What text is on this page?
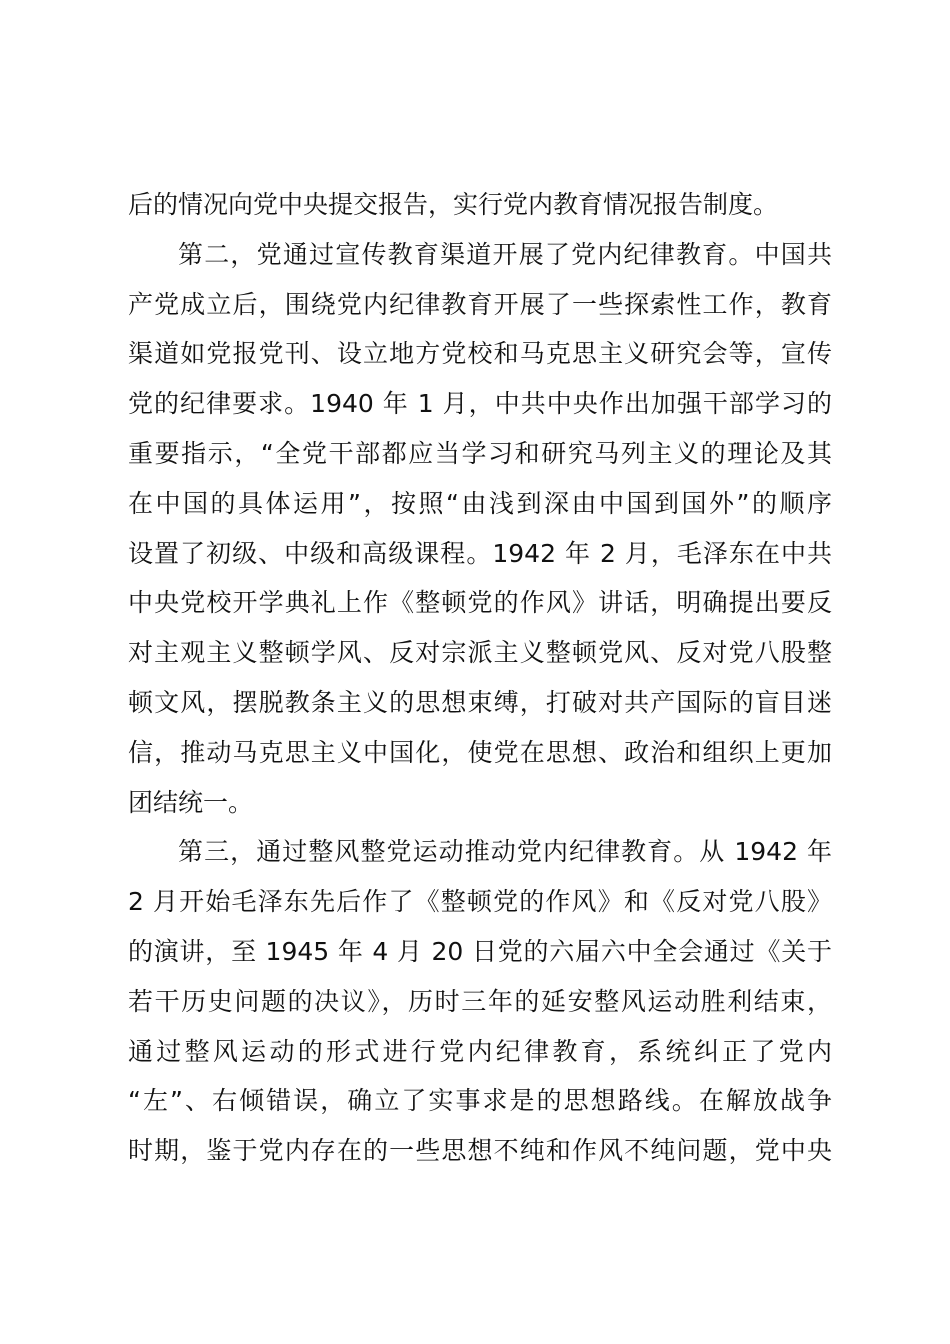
后的情况向党中央提交报告，实行党内教育情况报告制度。
第二，党通过宣传教育渠道开展了党内纪律教育。中国共
产党成立后，围绕党内纪律教育开展了一些探索性工作，教育
渠道如党报党刊、设立地方党校和马克思主义研究会等，宣传
党的纪律要求。1940 年 1 月，中共中央作出加强干部学习的
重要指示，“全党干部都应当学习和研究马列主义的理论及其
在中国的具体运用”，按照“由浅到深由中国到国外”的顺序
设置了初级、中级和高级课程。1942 年 2 月，毛泽东在中共
中央党校开学典礼上作《整顿党的作风》讲话，明确提出要反
对主观主义整顿学风、反对宗派主义整顿党风、反对党八股整
顿文风，摆脱教条主义的思想束缚，打破对共产国际的盲目迷
信，推动马克思主义中国化，使党在思想、政治和组织上更加
团结统一。
第三，通过整风整党运动推动党内纪律教育。从 1942 年
2 月开始毛泽东先后作了《整顿党的作风》和《反对党八股》
的演讲，至 1945 年 4 月 20 日党的六届六中全会通过《关于
若干历史问题的决议》，历时三年的延安整风运动胜利结束，
通过整风运动的形式进行党内纪律教育，系统纠正了党内
“左”、右倾错误，确立了实事求是的思想路线。在解放战争
时期，鉴于党内存在的一些思想不纯和作风不纯问题，党中央
